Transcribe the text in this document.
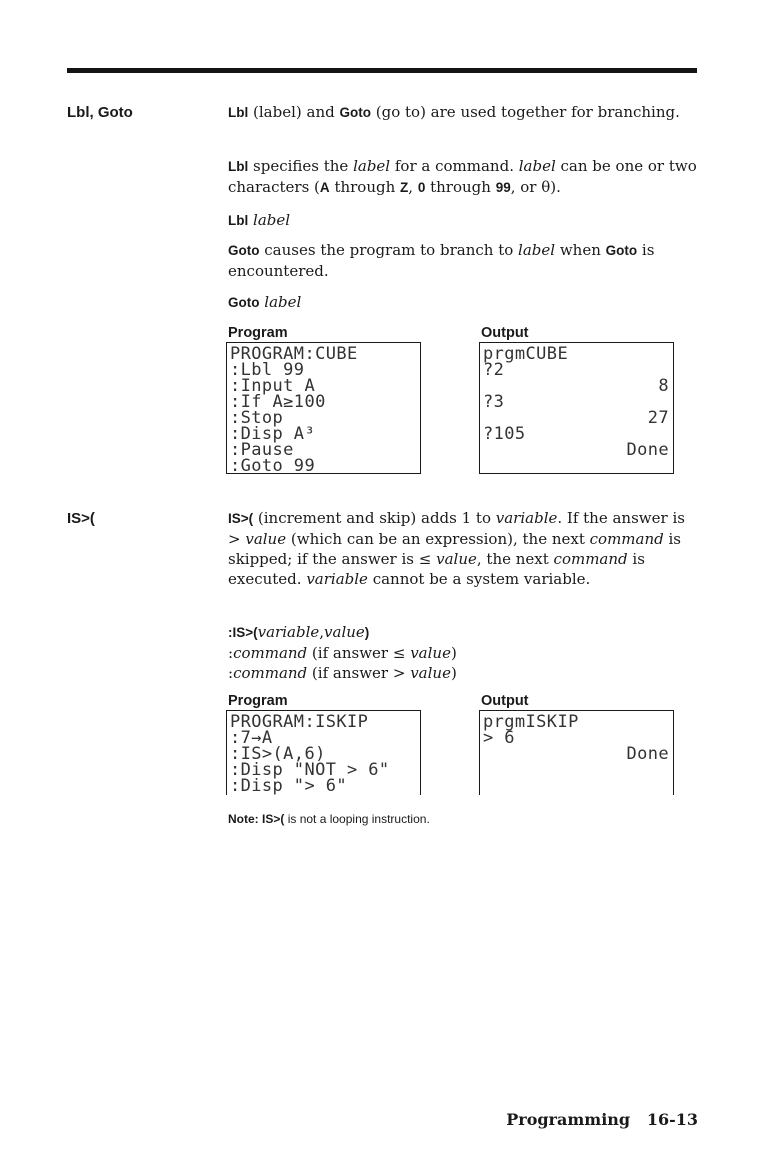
Lbl, Goto	Lbl (label) and Goto (go to) are used together for branching.
Lbl specifies the label for a command. label can be one or two characters (A through Z, 0 through 99, or θ).
Lbl label
Goto causes the program to branch to label when Goto is encountered.
Goto label
Program	Output
PROGRAM:CUBE
:Lbl 99
:Input A
:If A≥100
:Stop
:Disp A³
:Pause
:Goto 99
prgmCUBE
?2
8
?3
27
?105
Done
IS>(	IS>( (increment and skip) adds 1 to variable. If the answer is > value (which can be an expression), the next command is skipped; if the answer is ≤ value, the next command is executed. variable cannot be a system variable.
:IS>(variable,value)
:command (if answer ≤ value)
:command (if answer > value)
Program	Output
PROGRAM:ISKIP
:7→A
:IS>(A,6)
:Disp "NOT > 6"
:Disp "> 6"
prgmISKIP
> 6
Done
Note: IS>( is not a looping instruction.
Programming 16-13
